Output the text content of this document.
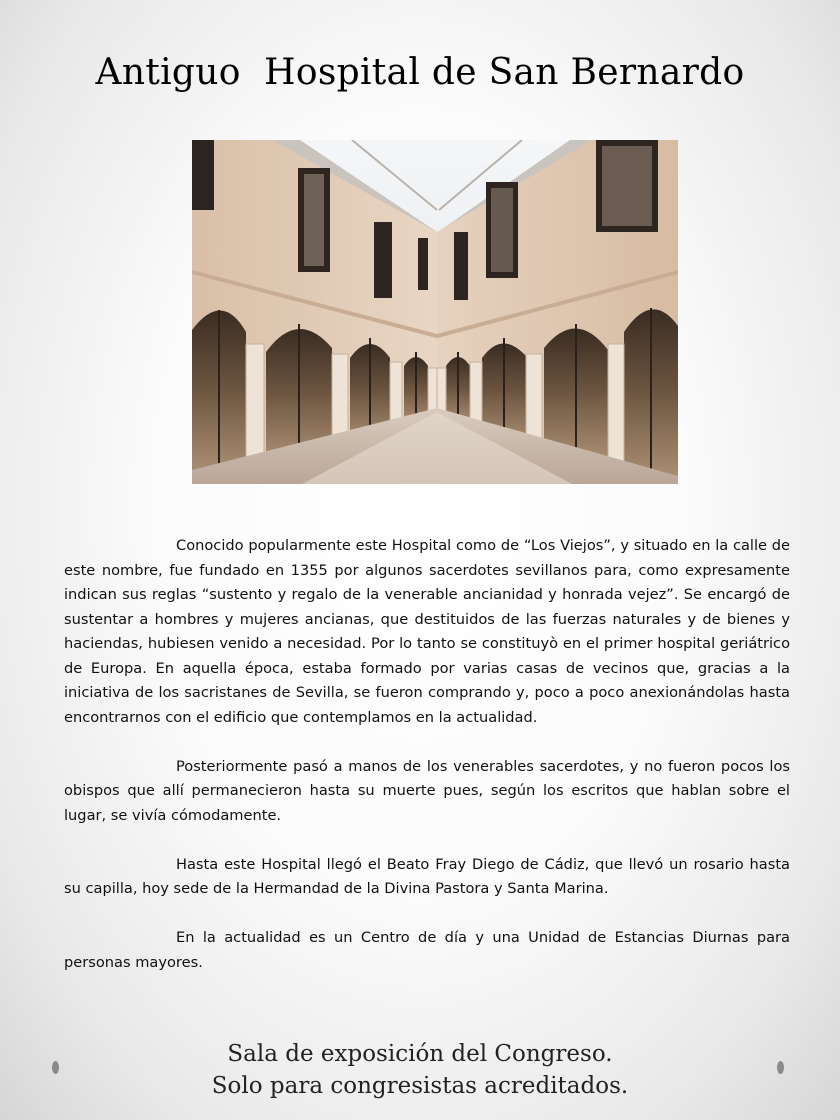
Antiguo  Hospital de San Bernardo

Conocido popularmente este Hospital como de “Los Viejos”, y situado en la calle de este nombre, fue fundado en 1355 por algunos sacerdotes sevillanos para, como expresamente indican sus reglas “sustento y regalo de la venerable ancianidad y honrada vejez”. Se encargó de sustentar a hombres y mujeres ancianas, que destituidos de las fuerzas naturales y de bienes y haciendas, hubiesen venido a necesidad. Por lo tanto se constituyò en el primer hospital geriátrico de Europa. En aquella época, estaba formado por varias casas de vecinos que, gracias a la iniciativa de los sacristanes de Sevilla, se fueron comprando y, poco a poco anexionándolas hasta encontrarnos con el edificio que contemplamos en la actualidad.

Posteriormente pasó a manos de los venerables sacerdotes, y no fueron pocos los obispos que allí permanecieron hasta su muerte pues, según los escritos que hablan sobre el lugar, se vivía cómodamente.

Hasta este Hospital llegó el Beato Fray Diego de Cádiz, que llevó un rosario hasta su capilla, hoy sede de la Hermandad de la Divina Pastora y Santa Marina.

En la actualidad es un Centro de día y una Unidad de Estancias Diurnas para personas mayores.

Sala de exposición del Congreso.
Solo para congresistas acreditados.
